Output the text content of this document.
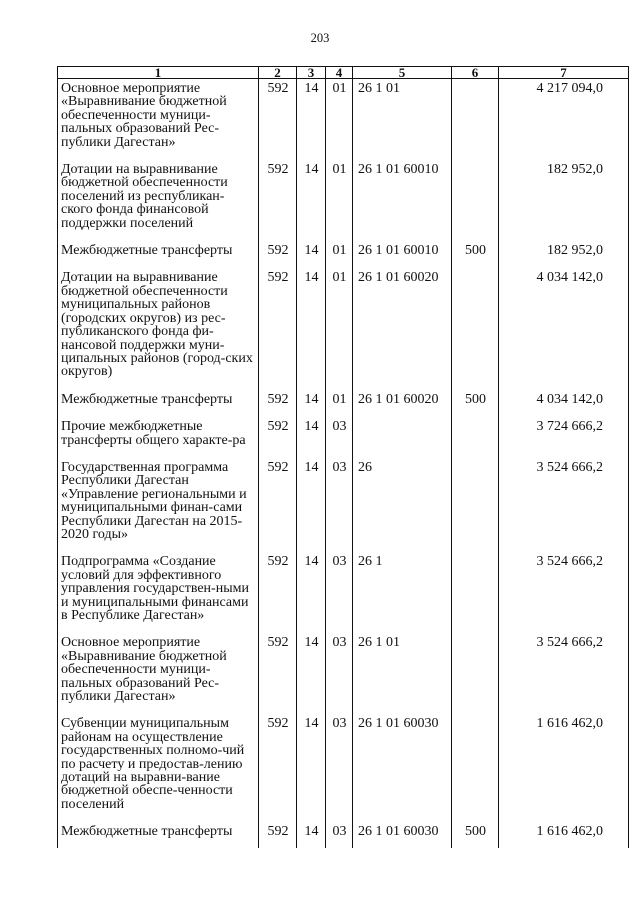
203
1	2	3	4	5	6	7
Основное мероприятие «Выравнивание бюджетной обеспеченности муници-пальных образований Рес-публики Дагестан»	592	14	01	26 1 01		4 217 094,0
Дотации на выравнивание бюджетной обеспеченности поселений из республикан-ского фонда финансовой поддержки поселений	592	14	01	26 1 01 60010		182 952,0
Межбюджетные трансферты	592	14	01	26 1 01 60010	500	182 952,0
Дотации на выравнивание бюджетной обеспеченности муниципальных районов (городских округов) из рес-публиканского фонда фи-нансовой поддержки муни-ципальных районов (город-ских округов)	592	14	01	26 1 01 60020		4 034 142,0
Межбюджетные трансферты	592	14	01	26 1 01 60020	500	4 034 142,0
Прочие межбюджетные трансферты общего характе-ра	592	14	03			3 724 666,2
Государственная программа Республики Дагестан «Управление региональными и муниципальными финан-сами Республики Дагестан на 2015-2020 годы»	592	14	03	26		3 524 666,2
Подпрограмма «Создание условий для эффективного управления государствен-ными и муниципальными финансами в Республике Дагестан»	592	14	03	26 1		3 524 666,2
Основное мероприятие «Выравнивание бюджетной обеспеченности муници-пальных образований Рес-публики Дагестан»	592	14	03	26 1 01		3 524 666,2
Субвенции муниципальным районам на осуществление государственных полномо-чий по расчету и предостав-лению дотаций на выравни-вание бюджетной обеспе-ченности поселений	592	14	03	26 1 01 60030		1 616 462,0
Межбюджетные трансферты	592	14	03	26 1 01 60030	500	1 616 462,0
